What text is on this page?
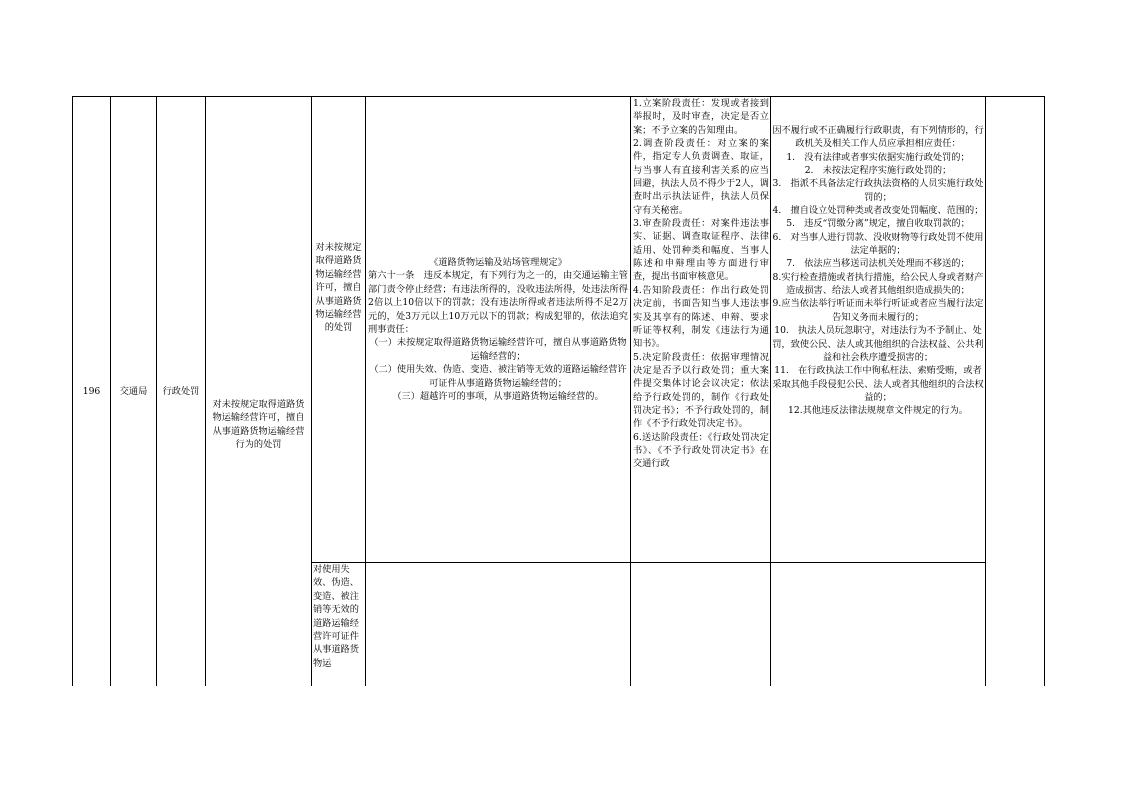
196	交通局	行政处罚
对未按规定取得道路货物运输经营许可，擅自从事道路货物运输经营行为的处罚
对未按规定取得道路货物运输经营许可，擅自从事道路货物运输经营的处罚
对使用失效、伪造、变造、被注销等无效的道路运输经营许可证件从事道路货物运
《道路货物运输及站场管理规定》
第六十一条　违反本规定，有下列行为之一的，由交通运输主管部门责令停止经营；有违法所得的，没收违法所得，处违法所得2倍以上10倍以下的罚款；没有违法所得或者违法所得不足2万元的，处3万元以上10万元以下的罚款；构成犯罪的，依法追究刑事责任：
（一）未按规定取得道路货物运输经营许可，擅自从事道路货物运输经营的；
（二）使用失效、伪造、变造、被注销等无效的道路运输经营许可证件从事道路货物运输经营的；
（三）超越许可的事项，从事道路货物运输经营的。
1.立案阶段责任：发现或者接到举报时，及时审查，决定是否立案；不予立案的告知理由。
2.调查阶段责任：对立案的案件，指定专人负责调查、取证，与当事人有直接利害关系的应当回避，执法人员不得少于2人，调查时出示执法证件，执法人员保守有关秘密。
3.审查阶段责任：对案件违法事实、证据、调查取证程序、法律适用、处罚种类和幅度、当事人陈述和申辩理由等方面进行审查，提出书面审核意见。
4.告知阶段责任：作出行政处罚决定前，书面告知当事人违法事实及其享有的陈述、申辩、要求听证等权利，制发《违法行为通知书》。
5.决定阶段责任：依据审理情况决定是否予以行政处罚；重大案件提交集体讨论会议决定；依法给予行政处罚的，制作《行政处罚决定书》；不予行政处罚的，制作《不予行政处罚决定书》。
6.送达阶段责任：《行政处罚决定书》、《不予行政处罚决定书》在交通行政
因不履行或不正确履行行政职责，有下列情形的，行政机关及相关工作人员应承担相应责任：
1.　没有法律或者事实依据实施行政处罚的；
2.　未按法定程序实施行政处罚的；
3.　指派不具备法定行政执法资格的人员实施行政处罚的；
4.　擅自设立处罚种类或者改变处罚幅度、范围的；
5.　违反“罚缴分离”规定，擅自收取罚款的；
6.　对当事人进行罚款、没收财物等行政处罚不使用法定单据的；
7.　依法应当移送司法机关处理而不移送的；
8.实行检查措施或者执行措施，给公民人身或者财产造成损害、给法人或者其他组织造成损失的；
9.应当依法举行听证而未举行听证或者应当履行法定告知义务而未履行的；
10.　执法人员玩忽职守，对违法行为不予制止、处罚，致使公民、法人或其他组织的合法权益、公共利益和社会秩序遭受损害的；
11.　在行政执法工作中徇私枉法、索贿受贿，或者采取其他手段侵犯公民、法人或者其他组织的合法权益的；
12.其他违反法律法规规章文件规定的行为。
